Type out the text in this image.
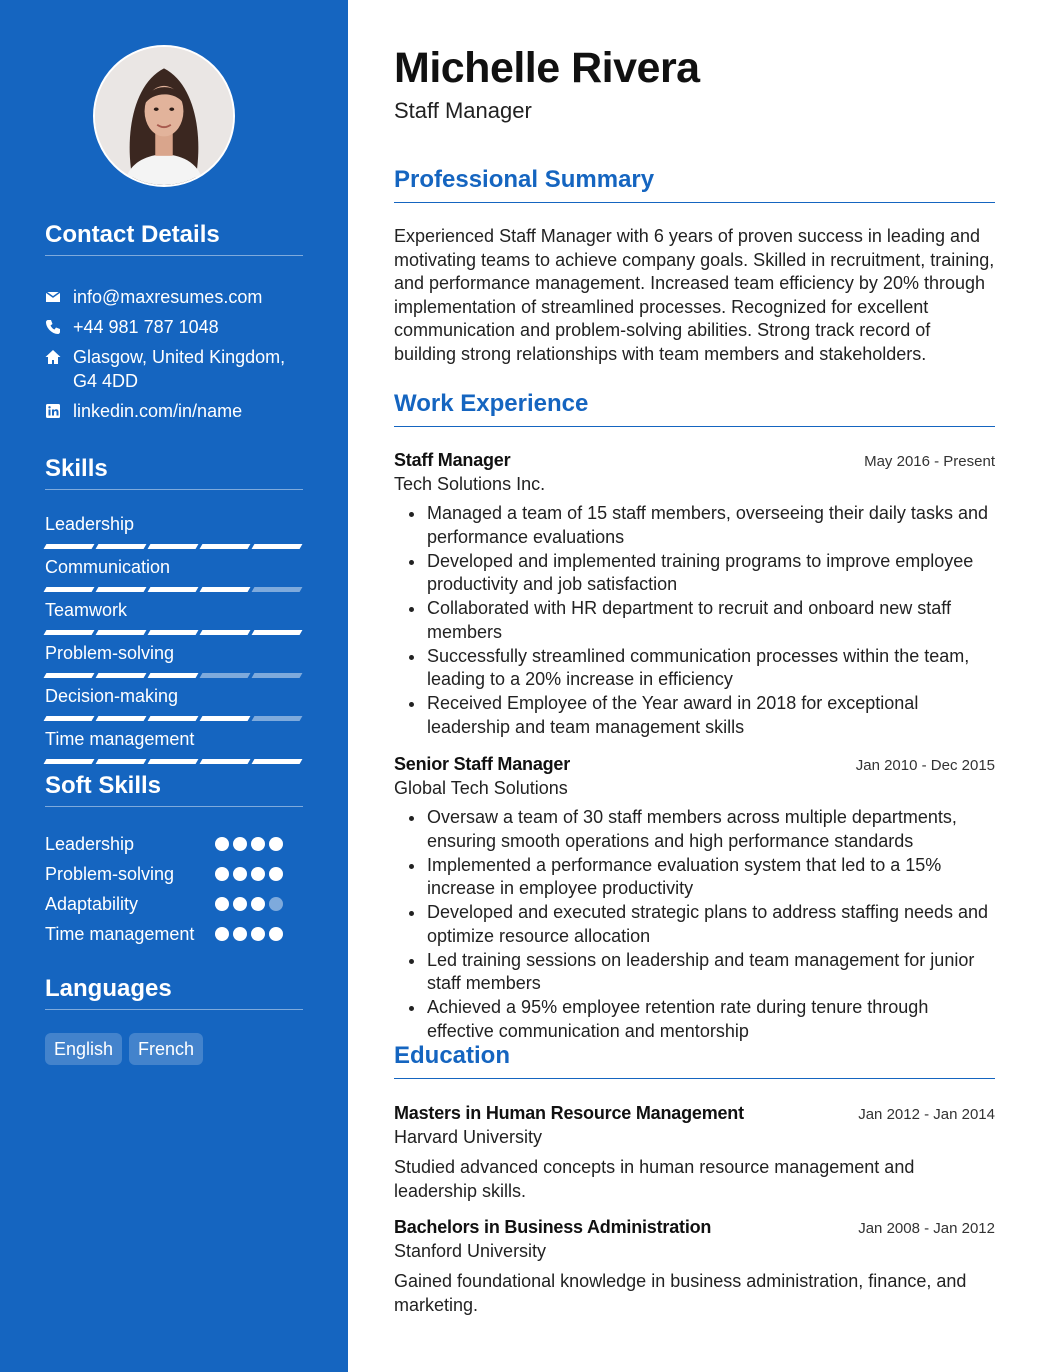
Contact Details
info@maxresumes.com
+44 981 787 1048
Glasgow, United Kingdom, G4 4DD
linkedin.com/in/name
Skills
Leadership
Communication
Teamwork
Problem-solving
Decision-making
Time management
Soft Skills
Leadership
Problem-solving
Adaptability
Time management
Languages
English	French
Michelle Rivera
Staff Manager
Professional Summary

Experienced Staff Manager with 6 years of proven success in leading and motivating teams to achieve company goals. Skilled in recruitment, training, and performance management. Increased team efficiency by 20% through implementation of streamlined processes. Recognized for excellent communication and problem-solving abilities. Strong track record of building strong relationships with team members and stakeholders.

Work Experience
Staff Manager	May 2016 - Present
Tech Solutions Inc.
Managed a team of 15 staff members, overseeing their daily tasks and performance evaluations
Developed and implemented training programs to improve employee productivity and job satisfaction
Collaborated with HR department to recruit and onboard new staff members
Successfully streamlined communication processes within the team, leading to a 20% increase in efficiency
Received Employee of the Year award in 2018 for exceptional leadership and team management skills
Senior Staff Manager	Jan 2010 - Dec 2015
Global Tech Solutions
Oversaw a team of 30 staff members across multiple departments, ensuring smooth operations and high performance standards
Implemented a performance evaluation system that led to a 15% increase in employee productivity
Developed and executed strategic plans to address staffing needs and optimize resource allocation
Led training sessions on leadership and team management for junior staff members
Achieved a 95% employee retention rate during tenure through effective communication and mentorship
Education
Masters in Human Resource Management	Jan 2012 - Jan 2014
Harvard University

Studied advanced concepts in human resource management and leadership skills.

Bachelors in Business Administration	Jan 2008 - Jan 2012
Stanford University

Gained foundational knowledge in business administration, finance, and marketing.
